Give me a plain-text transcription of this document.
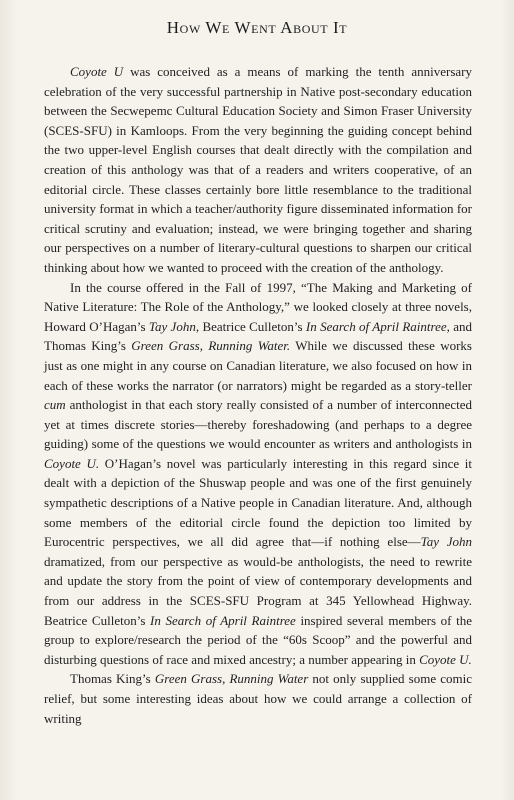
How We Went About It

Coyote U was conceived as a means of marking the tenth anniversary celebration of the very successful partnership in Native post-secondary education between the Secwepemc Cultural Education Society and Simon Fraser University (SCES-SFU) in Kamloops. From the very beginning the guiding concept behind the two upper-level English courses that dealt directly with the compilation and creation of this anthology was that of a readers and writers cooperative, of an editorial circle. These classes certainly bore little resemblance to the traditional university format in which a teacher/authority figure disseminated information for critical scrutiny and evaluation; instead, we were bringing together and sharing our perspectives on a number of literary-cultural questions to sharpen our critical thinking about how we wanted to proceed with the creation of the anthology.

In the course offered in the Fall of 1997, “The Making and Marketing of Native Literature: The Role of the Anthology,” we looked closely at three novels, Howard O’Hagan’s Tay John, Beatrice Culleton’s In Search of April Raintree, and Thomas King’s Green Grass, Running Water. While we discussed these works just as one might in any course on Canadian literature, we also focused on how in each of these works the narrator (or narrators) might be regarded as a story-teller cum anthologist in that each story really consisted of a number of interconnected yet at times discrete stories—thereby foreshadowing (and perhaps to a degree guiding) some of the questions we would encounter as writers and anthologists in Coyote U. O’Hagan’s novel was particularly interesting in this regard since it dealt with a depiction of the Shuswap people and was one of the first genuinely sympathetic descriptions of a Native people in Canadian literature. And, although some members of the editorial circle found the depiction too limited by Eurocentric perspectives, we all did agree that—if nothing else—Tay John dramatized, from our perspective as would-be anthologists, the need to rewrite and update the story from the point of view of contemporary developments and from our address in the SCES-SFU Program at 345 Yellowhead Highway. Beatrice Culleton’s In Search of April Raintree inspired several members of the group to explore/research the period of the “60s Scoop” and the powerful and disturbing questions of race and mixed ancestry; a number appearing in Coyote U.

Thomas King’s Green Grass, Running Water not only supplied some comic relief, but some interesting ideas about how we could arrange a collection of writing
